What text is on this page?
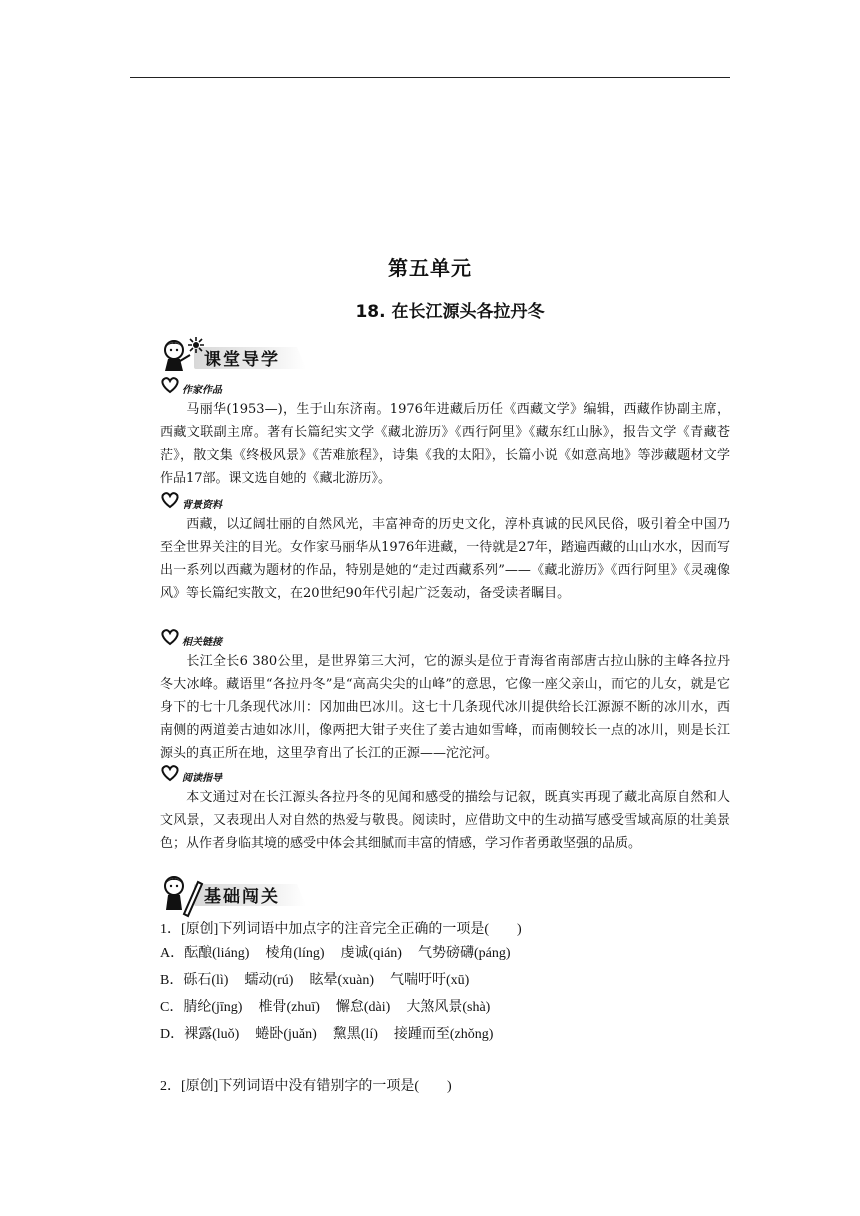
第五单元
18. 在长江源头各拉丹冬
课堂导学
作家作品

马丽华(1953—)，生于山东济南。1976年进藏后历任《西藏文学》编辑，西藏作协副主席，西藏文联副主席。著有长篇纪实文学《藏北游历》《西行阿里》《藏东红山脉》，报告文学《青藏苍茫》，散文集《终极风景》《苦难旅程》，诗集《我的太阳》，长篇小说《如意高地》等涉藏题材文学作品17部。课文选自她的《藏北游历》。

背景资料

西藏，以辽阔壮丽的自然风光，丰富神奇的历史文化，淳朴真诚的民风民俗，吸引着全中国乃至全世界关注的目光。女作家马丽华从1976年进藏，一待就是27年，踏遍西藏的山山水水，因而写出一系列以西藏为题材的作品，特别是她的“走过西藏系列”——《藏北游历》《西行阿里》《灵魂像风》等长篇纪实散文，在20世纪90年代引起广泛轰动，备受读者瞩目。

相关链接

长江全长6 380公里，是世界第三大河，它的源头是位于青海省南部唐古拉山脉的主峰各拉丹冬大冰峰。藏语里“各拉丹冬”是“高高尖尖的山峰”的意思，它像一座父亲山，而它的儿女，就是它身下的七十几条现代冰川：冈加曲巴冰川。这七十几条现代冰川提供给长江源源不断的冰川水，西南侧的两道姜古迪如冰川，像两把大钳子夹住了姜古迪如雪峰，而南侧较长一点的冰川，则是长江源头的真正所在地，这里孕育出了长江的正源——沱沱河。

阅读指导

本文通过对在长江源头各拉丹冬的见闻和感受的描绘与记叙，既真实再现了藏北高原自然和人文风景，又表现出人对自然的热爱与敬畏。阅读时，应借助文中的生动描写感受雪域高原的壮美景色；从作者身临其境的感受中体会其细腻而丰富的情感，学习作者勇敢坚强的品质。

基础闯关
1．[原创]下列词语中加点字的注音完全正确的一项是(　　)
A．酝酿(liáng) 棱角(líng) 虔诚(qián) 气势磅礴(páng)
B．砾石(lì) 蠕动(rú) 眩晕(xuàn) 气喘吁吁(xū)
C．腈纶(jīng) 椎骨(zhuī) 懈怠(dài) 大煞风景(shà)
D．裸露(luǒ) 蜷卧(juǎn) 黧黑(lí) 接踵而至(zhǒng)
2．[原创]下列词语中没有错别字的一项是(　　)
